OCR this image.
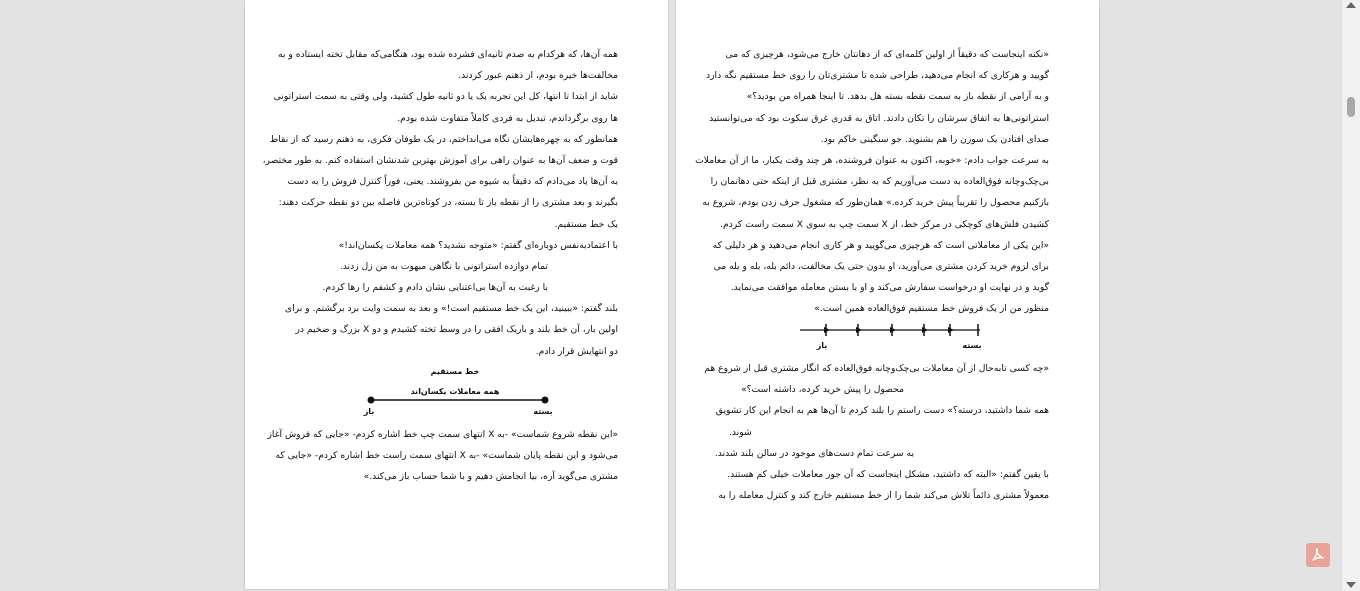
همه آن‌ها، که هرکدام به صدم ثانیه‌ای فشرده شده بود، هنگامی‌که مقابل تخته ایستاده و به
مخالفت‌ها خیره بودم، از ذهنم عبور کردند.
شاید از ابتدا تا انتها، کل این تجربه یک یا دو ثانیه طول کشید، ولی وقتی به سمت استراتونی
ها روی برگرداندم، تبدیل به فردی کاملاً متفاوت شده بودم.
همانطور که به چهره‌هایشان نگاه می‌انداختم، در یک طوفان فکری، به ذهنم رسید که از نقاط
قوت و ضعف آن‌ها به عنوان راهی برای آموزش بهترین شدنشان استفاده کنم. به طور مختصر،
به آن‌ها یاد می‌دادم که دقیقاً به شیوه من بفروشند. یعنی، فوراً کنترل فروش را به دست
بگیرند و بعد مشتری را از نقطه باز تا بسته، در کوتاه‌ترین فاصله بین دو نقطه حرکت دهند:
یک خط مستقیم.
با اعتمادبه‌نفس دوباره‌ای گفتم: «متوجه نشدید؟ همه معاملات یکسان‌اند!»
تمام دوازده استراتونی با نگاهی مبهوت به من زل زدند.
با رغبت به آن‌ها بی‌اعتنایی نشان دادم و کشفم را رها کردم.
بلند گفتم: «ببینید، این یک خط مستقیم است!» و بعد به سمت وایت برد برگشتم. و برای
اولین بار، آن خط بلند و باریک افقی را در وسط تخته کشیدم و دو X بزرگ و ضخیم در
دو انتهایش قرار دادم.
خط مستقیم
همه معاملات یکسان‌اند
باز	بسته
«این نقطه شروع شماست» -به X انتهای سمت چپ خط اشاره کردم- «جایی که فروش آغاز
می‌شود و این نقطه پایان شماست» -به X انتهای سمت راست خط اشاره کردم- «جایی که
مشتری می‌گوید آره، بیا انجامش دهیم و با شما حساب باز می‌کند.»
«نکته اینجاست که دقیقاً از اولین کلمه‌ای که از دهانتان خارج می‌شود، هرچیزی که می
گویید و هرکاری که انجام می‌دهید، طراحی شده تا مشتری‌تان را روی خط مستقیم نگه دارد
و به آرامی از نقطه باز به سمت نقطه بسته هل بدهد. تا اینجا همراه من بودید؟»
استراتونی‌ها به اتفاق سرشان را تکان دادند. اتاق به قدری غرق سکوت بود که می‌توانستید
صدای افتادن یک سوزن را هم بشنوید. جو سنگینی حاکم بود.
به سرعت جواب دادم: «خوبه، اکنون به عنوان فروشنده، هر چند وقت یکبار، ما از آن معاملات
بی‌چک‌وچانه فوق‌العاده به دست می‌آوریم که به نظر، مشتری قبل از اینکه حتی دهانمان را
بازکنیم محصول را تقریباً پیش خرید کرده.» همان‌طور که مشغول حرف زدن بودم، شروع به
کشیدن فلش‌های کوچکی در مرکز خط، از X سمت چپ به سوی X سمت راست کردم.
«این یکی از معاملاتی است که هرچیزی می‌گویید و هر کاری انجام می‌دهید و هر دلیلی که
برای لزوم خرید کردن مشتری می‌آورید، او بدون حتی یک مخالفت، دائم بله، بله و بله می
گوید و در نهایت او درخواست سفارش می‌کند و او با بستن معامله موافقت می‌نماید.
منظور من از یک فروش خط مستقیم فوق‌العاده همین است.»
باز	بسته
«چه کسی تابه‌حال از آن معاملات بی‌چک‌وچانه فوق‌العاده که انگار مشتری قبل از شروع هم
محصول را پیش خرید کرده، داشته است؟»
همه شما داشتید، درسته؟» دست راستم را بلند کردم تا آن‌ها هم به انجام این کار تشویق
شوند.
به سرعت تمام دست‌های موجود در سالن بلند شدند.
با یقین گفتم: «البته که داشتید، مشکل اینجاست که آن جور معاملات خیلی کم هستند.
معمولاً مشتری دائماً تلاش می‌کند شما را از خط مستقیم خارج کند و کنترل معامله را به
